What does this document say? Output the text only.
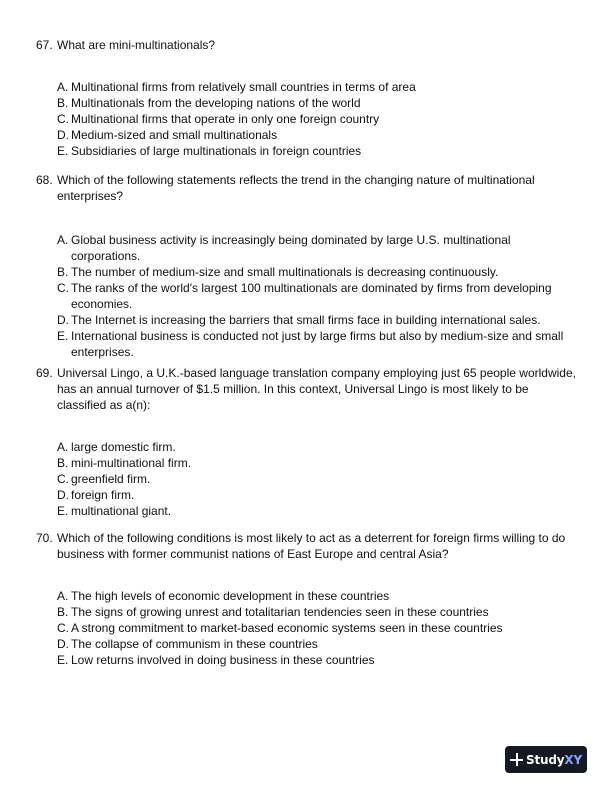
67. What are mini-multinationals?
A. Multinational firms from relatively small countries in terms of area
B. Multinationals from the developing nations of the world
C. Multinational firms that operate in only one foreign country
D. Medium-sized and small multinationals
E. Subsidiaries of large multinationals in foreign countries
68. Which of the following statements reflects the trend in the changing nature of multinational enterprises?
A. Global business activity is increasingly being dominated by large U.S. multinational corporations.
B. The number of medium-size and small multinationals is decreasing continuously.
C. The ranks of the world's largest 100 multinationals are dominated by firms from developing economies.
D. The Internet is increasing the barriers that small firms face in building international sales.
E. International business is conducted not just by large firms but also by medium-size and small enterprises.
69. Universal Lingo, a U.K.-based language translation company employing just 65 people worldwide, has an annual turnover of $1.5 million. In this context, Universal Lingo is most likely to be classified as a(n):
A. large domestic firm.
B. mini-multinational firm.
C. greenfield firm.
D. foreign firm.
E. multinational giant.
70. Which of the following conditions is most likely to act as a deterrent for foreign firms willing to do business with former communist nations of East Europe and central Asia?
A. The high levels of economic development in these countries
B. The signs of growing unrest and totalitarian tendencies seen in these countries
C. A strong commitment to market-based economic systems seen in these countries
D. The collapse of communism in these countries
E. Low returns involved in doing business in these countries
StudyXY
